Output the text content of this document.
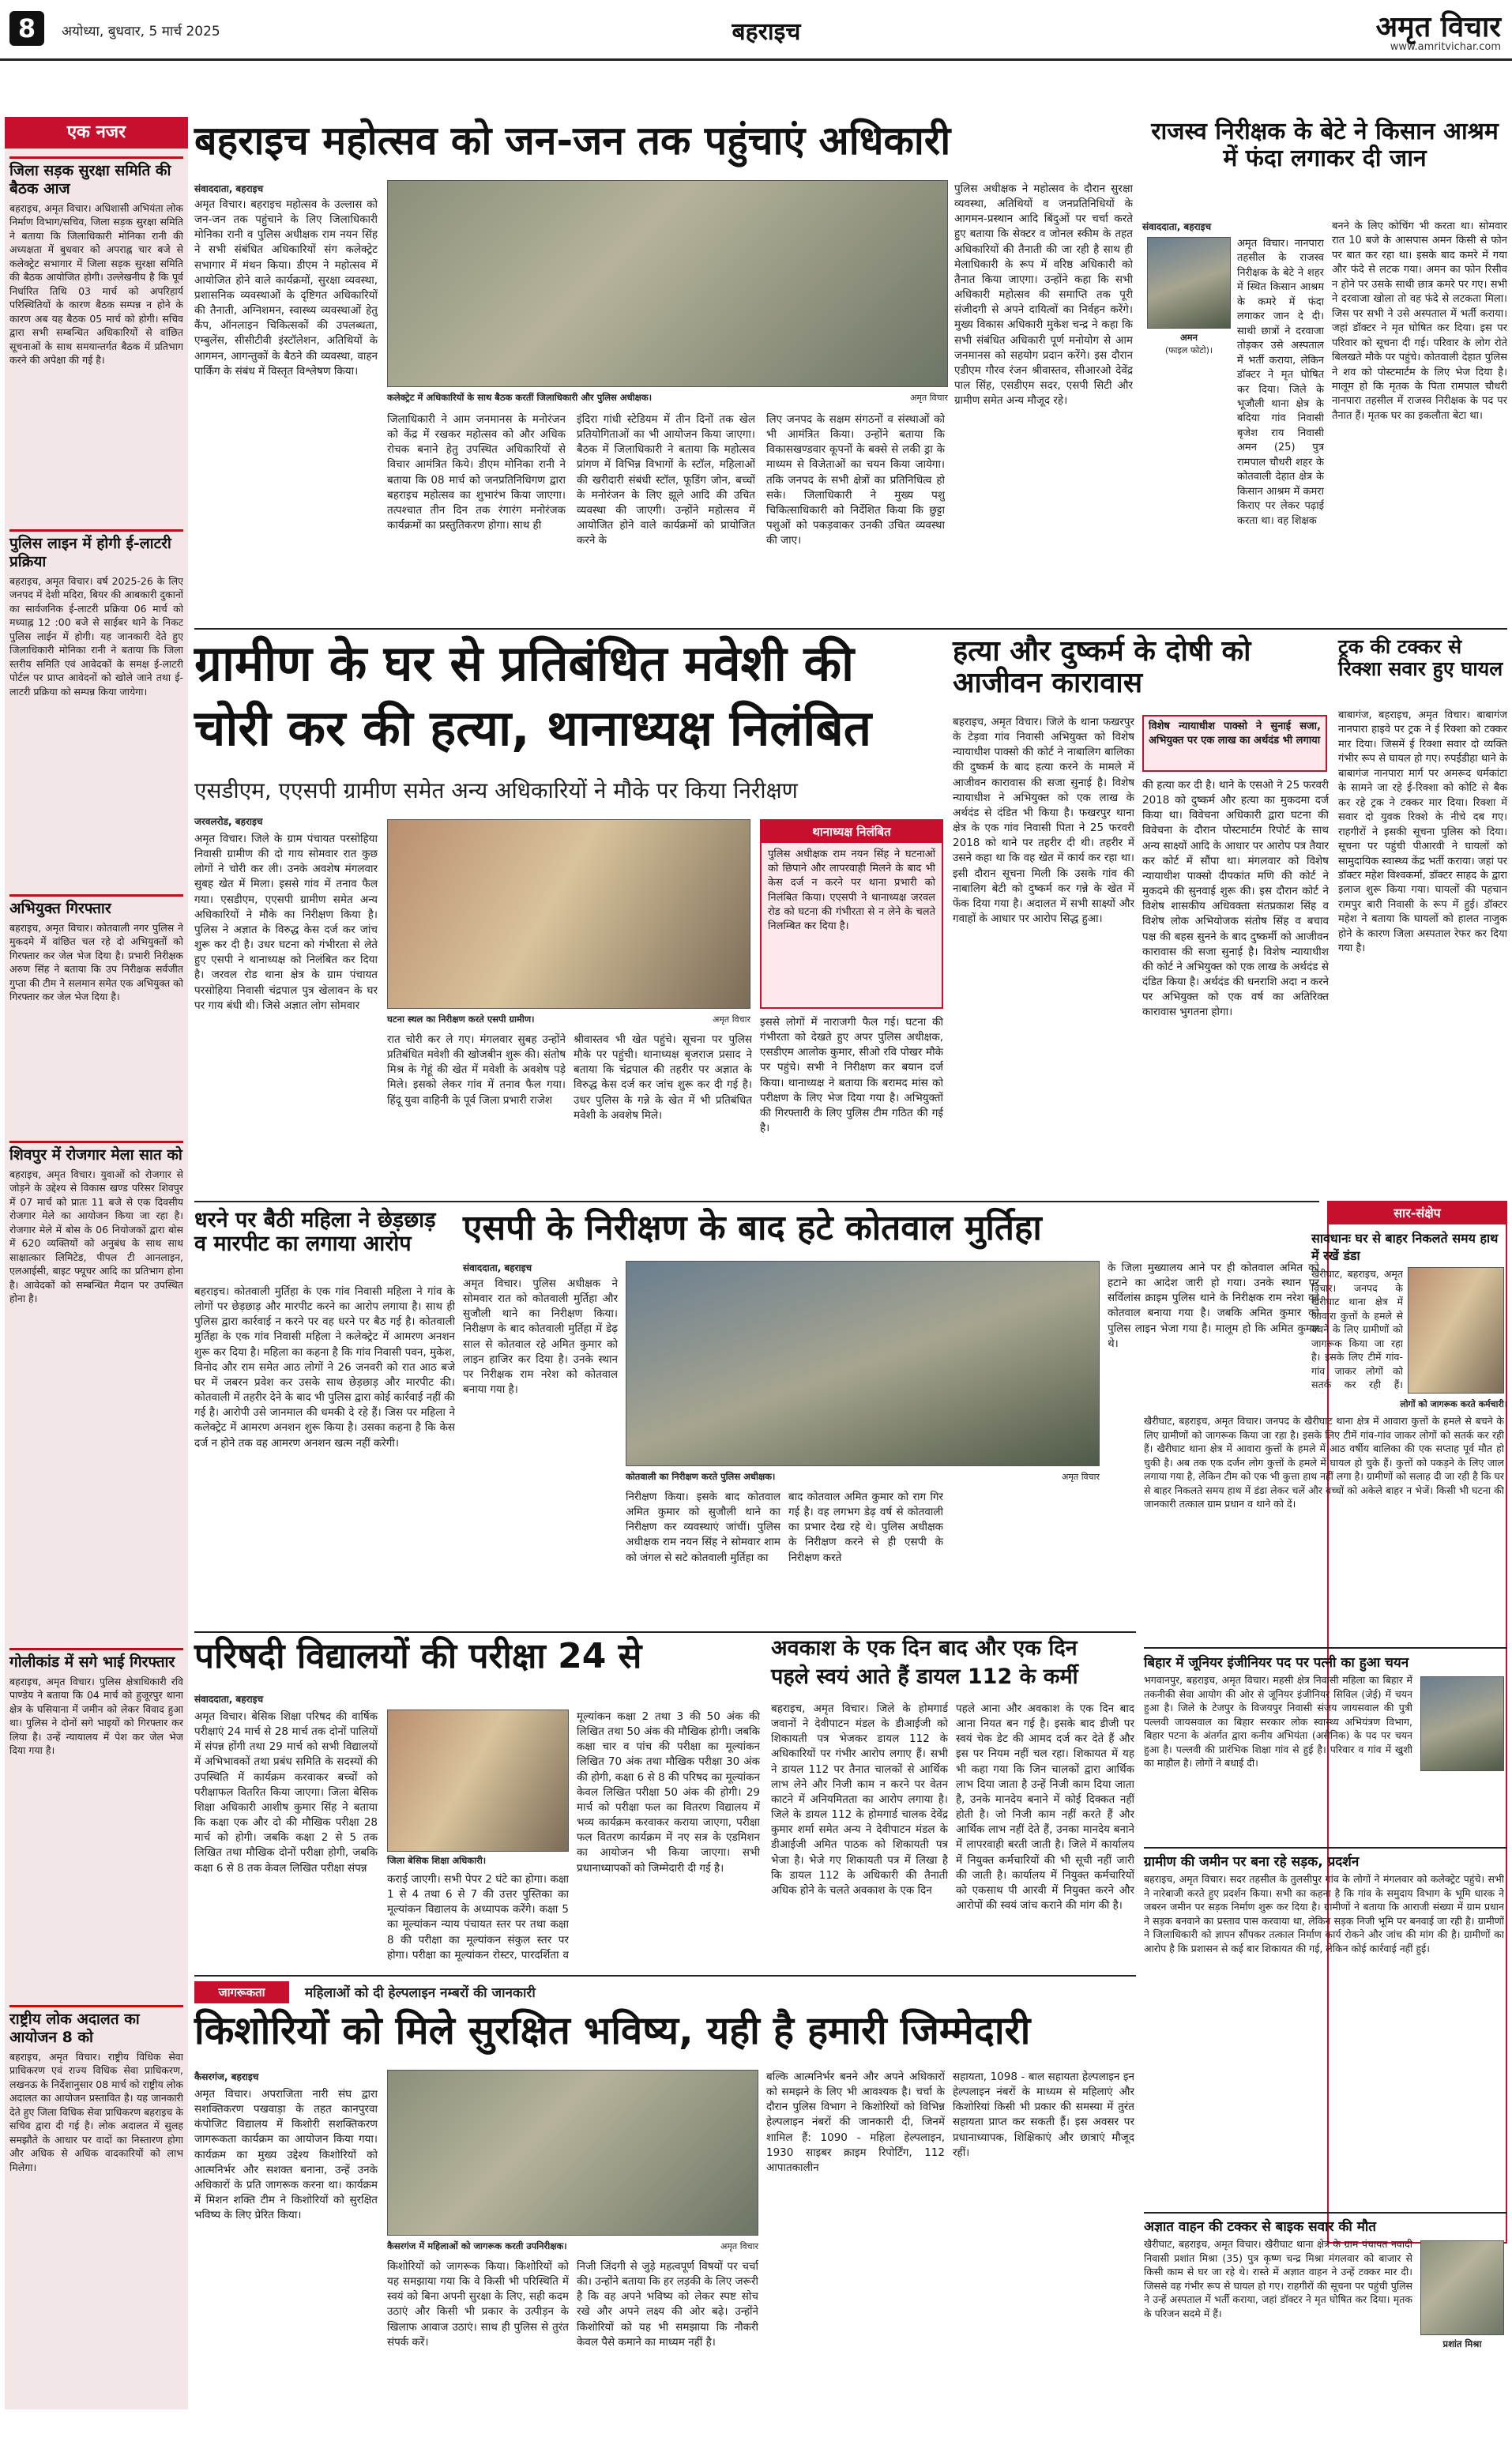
8	अयोध्या, बुधवार, 5 मार्च 2025	बहराइच	अमृत विचार
www.amritvichar.com
एक नजर
जिला सड़क सुरक्षा समिति की बैठक आज
बहराइच, अमृत विचार। अधिशासी अभियंता लोक निर्माण विभाग/सचिव, जिला सड़क सुरक्षा समिति ने बताया कि जिलाधिकारी मोनिका रानी की अध्यक्षता में बुधवार को अपराह्न चार बजे से कलेक्ट्रेट सभागार में जिला सड़क सुरक्षा समिति की बैठक आयोजित होगी। उल्लेखनीय है कि पूर्व निर्धारित तिथि 03 मार्च को अपरिहार्य परिस्थितियों के कारण बैठक सम्पन्न न होने के कारण अब यह बैठक 05 मार्च को होगी। सचिव द्वारा सभी सम्बन्धित अधिकारियों से वांछित सूचनाओं के साथ समयान्तर्गत बैठक में प्रतिभाग करने की अपेक्षा की गई है।
पुलिस लाइन में होगी ई-लाटरी प्रक्रिया
बहराइच, अमृत विचार। वर्ष 2025-26 के लिए जनपद में देशी मदिरा, बियर की आबकारी दुकानों का सार्वजनिक ई-लाटरी प्रक्रिया 06 मार्च को मध्याह्न 12 :00 बजे से साईबर थाने के निकट पुलिस लाईन में होगी। यह जानकारी देते हुए जिलाधिकारी मोनिका रानी ने बताया कि जिला स्तरीय समिति एवं आवेदकों के समक्ष ई-लाटरी पोर्टल पर प्राप्त आवेदनों को खोले जाने तथा ई-लाटरी प्रक्रिया को सम्पन्न किया जायेगा।
अभियुक्त गिरफ्तार
बहराइच, अमृत विचार। कोतवाली नगर पुलिस ने मुकदमे में वांछित चल रहे दो अभियुक्तों को गिरफ्तार कर जेल भेज दिया है। प्रभारी निरीक्षक अरुण सिंह ने बताया कि उप निरीक्षक सर्वजीत गुप्ता की टीम ने सलमान समेत एक अभियुक्त को गिरफ्तार कर जेल भेज दिया है।
शिवपुर में रोजगार मेला सात को
बहराइच, अमृत विचार। युवाओं को रोजगार से जोड़ने के उद्देश्य से विकास खण्ड परिसर शिवपुर में 07 मार्च को प्रातः 11 बजे से एक दिवसीय रोजगार मेले का आयोजन किया जा रहा है। रोजगार मेले में बोस के 06 नियोजकों द्वारा बोस में 620 व्यक्तियों को अनुबंध के साथ साथ साक्षात्कार लिमिटेड, पीपल टी आनलाइन, एलआईसी, बाइट फ्यूचर आदि का प्रतिभाग होना है। आवेदकों को सम्बन्धित मैदान पर उपस्थित होना है।
गोलीकांड में सगे भाई गिरफ्तार
बहराइच, अमृत विचार। पुलिस क्षेत्राधिकारी रवि पाण्डेय ने बताया कि 04 मार्च को हुजूरपुर थाना क्षेत्र के घसियाना में जमीन को लेकर विवाद हुआ था। पुलिस ने दोनों सगे भाइयों को गिरफ्तार कर लिया है। उन्हें न्यायालय में पेश कर जेल भेज दिया गया है।
राष्ट्रीय लोक अदालत का आयोजन 8 को
बहराइच, अमृत विचार। राष्ट्रीय विधिक सेवा प्राधिकरण एवं राज्य विधिक सेवा प्राधिकरण, लखनऊ के निर्देशानुसार 08 मार्च को राष्ट्रीय लोक अदालत का आयोजन प्रस्तावित है। यह जानकारी देते हुए जिला विधिक सेवा प्राधिकरण बहराइच के सचिव द्वारा दी गई है। लोक अदालत में सुलह समझौते के आधार पर वादों का निस्तारण होगा और अधिक से अधिक वादकारियों को लाभ मिलेगा।
बहराइच महोत्सव को जन-जन तक पहुंचाएं अधिकारी
संवाददाता, बहराइच
अमृत विचार। बहराइच महोत्सव के उल्लास को जन-जन तक पहुंचाने के लिए जिलाधिकारी मोनिका रानी व पुलिस अधीक्षक राम नयन सिंह ने सभी संबंधित अधिकारियों संग कलेक्ट्रेट सभागार में मंथन किया। डीएम ने महोत्सव में आयोजित होने वाले कार्यक्रमों, सुरक्षा व्यवस्था, प्रशासनिक व्यवस्थाओं के दृष्टिगत अधिकारियों की तैनाती, अग्निशमन, स्वास्थ्य व्यवस्थाओं हेतु कैंप, ऑनलाइन चिकित्सकों की उपलब्धता, एम्बुलेंस, सीसीटीवी इंस्टॉलेशन, अतिथियों के आगमन, आगन्तुकों के बैठने की व्यवस्था, वाहन पार्किंग के संबंध में विस्तृत विश्लेषण किया।
कलेक्ट्रेट में अधिकारियों के साथ बैठक करतीं जिलाधिकारी और पुलिस अधीक्षक।	अमृत विचार
जिलाधिकारी ने आम जनमानस के मनोरंजन को केंद्र में रखकर महोत्सव को और अधिक रोचक बनाने हेतु उपस्थित अधिकारियों से विचार आमंत्रित किये। डीएम मोनिका रानी ने बताया कि 08 मार्च को जनप्रतिनिधिगण द्वारा बहराइच महोत्सव का शुभारंभ किया जाएगा। तत्पश्चात तीन दिन तक रंगारंग मनोरंजक कार्यक्रमों का प्रस्तुतिकरण होगा। साथ ही
इंदिरा गांधी स्टेडियम में तीन दिनों तक खेल प्रतियोगिताओं का भी आयोजन किया जाएगा। बैठक में जिलाधिकारी ने बताया कि महोत्सव प्रांगण में विभिन्न विभागों के स्टॉल, महिलाओं की खरीदारी संबंधी स्टॉल, फूडिंग जोन, बच्चों के मनोरंजन के लिए झूले आदि की उचित व्यवस्था की जाएगी। उन्होंने महोत्सव में आयोजित होने वाले कार्यक्रमों को प्रायोजित करने के
लिए जनपद के सक्षम संगठनों व संस्थाओं को भी आमंत्रित किया। उन्होंने बताया कि विकासखण्डवार कूपनों के बक्से से लकी ड्रा के माध्यम से विजेताओं का चयन किया जायेगा। तकि जनपद के सभी क्षेत्रों का प्रतिनिधित्व हो सके। जिलाधिकारी ने मुख्य पशु चिकित्साधिकारी को निर्देशित किया कि छुट्टा पशुओं को पकड़वाकर उनकी उचित व्यवस्था की जाए।
पुलिस अधीक्षक ने महोत्सव के दौरान सुरक्षा व्यवस्था, अतिथियों व जनप्रतिनिधियों के आगमन-प्रस्थान आदि बिंदुओं पर चर्चा करते हुए बताया कि सेक्टर व जोनल स्कीम के तहत अधिकारियों की तैनाती की जा रही है साथ ही मेलाधिकारी के रूप में वरिष्ठ अधिकारी को तैनात किया जाएगा। उन्होंने कहा कि सभी अधिकारी महोत्सव की समाप्ति तक पूरी संजीदगी से अपने दायित्वों का निर्वहन करेंगे। मुख्य विकास अधिकारी मुकेश चन्द्र ने कहा कि सभी संबंधित अधिकारी पूर्ण मनोयोग से आम जनमानस को सहयोग प्रदान करेंगे। इस दौरान एडीएम गौरव रंजन श्रीवास्तव, सीआरओ देवेंद्र पाल सिंह, एसडीएम सदर, एसपी सिटी और ग्रामीण समेत अन्य मौजूद रहे।
राजस्व निरीक्षक के बेटे ने किसान आश्रम में फंदा लगाकर दी जान
संवाददाता, बहराइच
अमन
(फाइल फोटो)।
अमृत विचार। नानपारा तहसील के राजस्व निरीक्षक के बेटे ने शहर में स्थित किसान आश्रम के कमरे में फंदा लगाकर जान दे दी। साथी छात्रों ने दरवाजा तोड़कर उसे अस्पताल में भर्ती कराया, लेकिन डॉक्टर ने मृत घोषित कर दिया। जिले के भूजौली थाना क्षेत्र के बदिया गांव निवासी बृजेश राय निवासी अमन (25) पुत्र रामपाल चौधरी शहर के कोतवाली देहात क्षेत्र के किसान आश्रम में कमरा किराए पर लेकर पढ़ाई करता था। वह शिक्षक
बनने के लिए कोचिंग भी करता था। सोमवार रात 10 बजे के आसपास अमन किसी से फोन पर बात कर रहा था। इसके बाद कमरे में गया और फंदे से लटक गया। अमन का फोन रिसीव न होने पर उसके साथी छात्र कमरे पर गए। सभी ने दरवाजा खोला तो वह फंदे से लटकता मिला। जिस पर सभी ने उसे अस्पताल में भर्ती कराया। जहां डॉक्टर ने मृत घोषित कर दिया। इस पर परिवार को सूचना दी गई। परिवार के लोग रोते बिलखते मौके पर पहुंचे। कोतवाली देहात पुलिस ने शव को पोस्टमार्टम के लिए भेज दिया है। मालूम हो कि मृतक के पिता रामपाल चौधरी नानपारा तहसील में राजस्व निरीक्षक के पद पर तैनात हैं। मृतक घर का इकलौता बेटा था।
ग्रामीण के घर से प्रतिबंधित मवेशी की
चोरी कर की हत्या, थानाध्यक्ष निलंबित
एसडीएम, एएसपी ग्रामीण समेत अन्य अधिकारियों ने मौके पर किया निरीक्षण
जरवलरोड, बहराइच
अमृत विचार। जिले के ग्राम पंचायत परसोहिया निवासी ग्रामीण की दो गाय सोमवार रात कुछ लोगों ने चोरी कर ली। उनके अवशेष मंगलवार सुबह खेत में मिला। इससे गांव में तनाव फैल गया। एसडीएम, एएसपी ग्रामीण समेत अन्य अधिकारियों ने मौके का निरीक्षण किया है। पुलिस ने अज्ञात के विरुद्ध केस दर्ज कर जांच शुरू कर दी है। उधर घटना को गंभीरता से लेते हुए एसपी ने थानाध्यक्ष को निलंबित कर दिया है। जरवल रोड थाना क्षेत्र के ग्राम पंचायत परसोहिया निवासी चंद्रपाल पुत्र खेलावन के घर पर गाय बंधी थी। जिसे अज्ञात लोग सोमवार
घटना स्थल का निरीक्षण करते एसपी ग्रामीण।	अमृत विचार
रात चोरी कर ले गए। मंगलवार सुबह उन्होंने प्रतिबंधित मवेशी की खोजबीन शुरू की। संतोष मिश्र के गेहूं की खेत में मवेशी के अवशेष पड़े मिले। इसको लेकर गांव में तनाव फैल गया। हिंदू युवा वाहिनी के पूर्व जिला प्रभारी राजेश
श्रीवास्तव भी खेत पहुंचे। सूचना पर पुलिस मौके पर पहुंची। थानाध्यक्ष बृजराज प्रसाद ने बताया कि चंद्रपाल की तहरीर पर अज्ञात के विरुद्ध केस दर्ज कर जांच शुरू कर दी गई है। उधर पुलिस के गन्ने के खेत में भी प्रतिबंधित मवेशी के अवशेष मिले।
थानाध्यक्ष निलंबित
पुलिस अधीक्षक राम नयन सिंह ने घटनाओं को छिपाने और लापरवाही मिलने के बाद भी केस दर्ज न करने पर थाना प्रभारी को निलंबित किया। एएसपी ने थानाध्यक्ष जरवल रोड को घटना की गंभीरता से न लेने के चलते निलम्बित कर दिया है।
इससे लोगों में नाराजगी फैल गई। घटना की गंभीरता को देखते हुए अपर पुलिस अधीक्षक, एसडीएम आलोक कुमार, सीओ रवि पोखर मौके पर पहुंचे। सभी ने निरीक्षण कर बयान दर्ज किया। थानाध्यक्ष ने बताया कि बरामद मांस को परीक्षण के लिए भेज दिया गया है। अभियुक्तों की गिरफ्तारी के लिए पुलिस टीम गठित की गई है।
हत्या और दुष्कर्म के दोषी को आजीवन कारावास
विशेष न्यायाधीश पाक्सो ने सुनाई सजा, अभियुक्त पर एक लाख का अर्थदंड भी लगाया
बहराइच, अमृत विचार। जिले के थाना फखरपुर के टेड़वा गांव निवासी अभियुक्त को विशेष न्यायाधीश पाक्सो की कोर्ट ने नाबालिग बालिका की दुष्कर्म के बाद हत्या करने के मामले में आजीवन कारावास की सजा सुनाई है। विशेष न्यायाधीश ने अभियुक्त को एक लाख के अर्थदंड से दंडित भी किया है। फखरपुर थाना क्षेत्र के एक गांव निवासी पिता ने 25 फरवरी 2018 को थाने पर तहरीर दी थी। तहरीर में उसने कहा था कि वह खेत में कार्य कर रहा था। इसी दौरान सूचना मिली कि उसके गांव की नाबालिग बेटी को दुष्कर्म कर गन्ने के खेत में फेंक दिया गया है। अदालत में सभी साक्ष्यों और गवाहों के आधार पर आरोप सिद्ध हुआ।
की हत्या कर दी है। थाने के एसओ ने 25 फरवरी 2018 को दुष्कर्म और हत्या का मुकदमा दर्ज किया था। विवेचना अधिकारी द्वारा घटना की विवेचना के दौरान पोस्टमार्टम रिपोर्ट के साथ अन्य साक्ष्यों आदि के आधार पर आरोप पत्र तैयार कर कोर्ट में सौंपा था। मंगलवार को विशेष न्यायाधीश पाक्सो दीपकांत मणि की कोर्ट ने मुकदमे की सुनवाई शुरू की। इस दौरान कोर्ट ने विशेष शासकीय अधिवक्ता संतप्रकाश सिंह व विशेष लोक अभियोजक संतोष सिंह व बचाव पक्ष की बहस सुनने के बाद दुष्कर्मी को आजीवन कारावास की सजा सुनाई है। विशेष न्यायाधीश की कोर्ट ने अभियुक्त को एक लाख के अर्थदंड से दंडित किया है। अर्थदंड की धनराशि अदा न करने पर अभियुक्त को एक वर्ष का अतिरिक्त कारावास भुगतना होगा।
ट्रक की टक्कर से रिक्शा सवार हुए घायल
बाबागंज, बहराइच, अमृत विचार। बाबागंज नानपारा हाइवे पर ट्रक ने ई रिक्शा को टक्कर मार दिया। जिसमें ई रिक्शा सवार दो व्यक्ति गंभीर रूप से घायल हो गए। रुपईडीहा थाने के बाबागंज नानपारा मार्ग पर अमरूद धर्मकांटा के सामने जा रहे ई-रिक्शा को कोटि से बैक कर रहे ट्रक ने टक्कर मार दिया। रिक्शा में सवार दो युवक रिक्शे के नीचे दब गए। राहगीरों ने इसकी सूचना पुलिस को दिया। सूचना पर पहुंची पीआरवी ने घायलों को सामुदायिक स्वास्थ्य केंद्र भर्ती कराया। जहां पर डॉक्टर महेश विश्वकर्मा, डॉक्टर साहद के द्वारा इलाज शुरू किया गया। घायलों की पहचान रामपुर बारी निवासी के रूप में हुई। डॉक्टर महेश ने बताया कि घायलों को हालत नाजुक होने के कारण जिला अस्पताल रेफर कर दिया गया है।
धरने पर बैठी महिला ने छेड़छाड़ व मारपीट का लगाया आरोप
बहराइच। कोतवाली मुर्तिहा के एक गांव निवासी महिला ने गांव के लोगों पर छेड़छाड़ और मारपीट करने का आरोप लगाया है। साथ ही पुलिस द्वारा कार्रवाई न करने पर वह धरने पर बैठ गई है। कोतवाली मुर्तिहा के एक गांव निवासी महिला ने कलेक्ट्रेट में आमरण अनशन शुरू कर दिया है। महिला का कहना है कि गांव निवासी पवन, मुकेश, विनोद और राम समेत आठ लोगों ने 26 जनवरी को रात आठ बजे घर में जबरन प्रवेश कर उसके साथ छेड़छाड़ और मारपीट की। कोतवाली में तहरीर देने के बाद भी पुलिस द्वारा कोई कार्रवाई नहीं की गई है। आरोपी उसे जानमाल की धमकी दे रहे हैं। जिस पर महिला ने कलेक्ट्रेट में आमरण अनशन शुरू किया है। उसका कहना है कि केस दर्ज न होने तक वह आमरण अनशन खत्म नहीं करेगी।
एसपी के निरीक्षण के बाद हटे कोतवाल मुर्तिहा
संवाददाता, बहराइच
अमृत विचार। पुलिस अधीक्षक ने सोमवार रात को कोतवाली मुर्तिहा और सुजौली थाने का निरीक्षण किया। निरीक्षण के बाद कोतवाली मुर्तिहा में डेढ़ साल से कोतवाल रहे अमित कुमार को लाइन हाजिर कर दिया है। उनके स्थान पर निरीक्षक राम नरेश को कोतवाल बनाया गया है।
कोतवाली का निरीक्षण करते पुलिस अधीक्षक।	अमृत विचार
निरीक्षण किया। इसके बाद कोतवाल अमित कुमार को सुजौली थाने का निरीक्षण कर व्यवस्थाएं जांचीं। पुलिस अधीक्षक राम नयन सिंह ने सोमवार शाम को जंगल से सटे कोतवाली मुर्तिहा का
बाद कोतवाल अमित कुमार को राग गिर गई है। वह लगभग डेढ़ वर्ष से कोतवाली का प्रभार देख रहे थे। पुलिस अधीक्षक के निरीक्षण करने से ही एसपी के निरीक्षण करते
के जिला मुख्यालय आने पर ही कोतवाल अमित को हटाने का आदेश जारी हो गया। उनके स्थान पर सर्विलांस क्राइम पुलिस थाने के निरीक्षक राम नरेश को कोतवाल बनाया गया है। जबकि अमित कुमार को पुलिस लाइन भेजा गया है। मालूम हो कि अमित कुमार थे।
सार-संक्षेप
सावधानः घर से बाहर निकलते समय हाथ में रखें डंडा
लोगों को जागरूक करते कर्मचारी।
खैरीघाट, बहराइच, अमृत विचार। जनपद के खैरीघाट थाना क्षेत्र में आवारा कुत्तों के हमले से बचने के लिए ग्रामीणों को जागरूक किया जा रहा है। इसके लिए टीमें गांव-गांव जाकर लोगों को सतर्क कर रही हैं।
खैरीघाट, बहराइच, अमृत विचार। जनपद के खैरीघाट थाना क्षेत्र में आवारा कुत्तों के हमले से बचने के लिए ग्रामीणों को जागरूक किया जा रहा है। इसके लिए टीमें गांव-गांव जाकर लोगों को सतर्क कर रही हैं। खैरीघाट थाना क्षेत्र में आवारा कुत्तों के हमले में आठ वर्षीय बालिका की एक सप्ताह पूर्व मौत हो चुकी है। अब तक एक दर्जन लोग कुत्तों के हमले में घायल हो चुके हैं। कुत्तों को पकड़ने के लिए जाल लगाया गया है, लेकिन टीम को एक भी कुत्ता हाथ नहीं लगा है। ग्रामीणों को सलाह दी जा रही है कि घर से बाहर निकलते समय हाथ में डंडा लेकर चलें और बच्चों को अकेले बाहर न भेजें। किसी भी घटना की जानकारी तत्काल ग्राम प्रधान व थाने को दें।
बिहार में जूनियर इंजीनियर पद पर पत्नी का हुआ चयन
भगवानपुर, बहराइच, अमृत विचार। महसी क्षेत्र निवासी महिला का बिहार में तकनीकी सेवा आयोग की ओर से जूनियर इंजीनियर सिविल (जेई) में चयन हुआ है। जिले के टेजपुर के विजयपुर निवासी संजय जायसवाल की पुत्री पल्लवी जायसवाल का बिहार सरकार लोक स्वास्थ्य अभियंत्रण विभाग, बिहार पटना के अंतर्गत द्वारा कनीय अभियंता (असैनिक) के पद पर चयन हुआ है। पल्लवी की प्रारंभिक शिक्षा गांव से हुई है। परिवार व गांव में खुशी का माहौल है। लोगों ने बधाई दी।
ग्रामीण की जमीन पर बना रहे सड़क, प्रदर्शन
बहराइच, अमृत विचार। सदर तहसील के तुलसीपुर गांव के लोगों ने मंगलवार को कलेक्ट्रेट पहुंचे। सभी ने नारेबाजी करते हुए प्रदर्शन किया। सभी का कहना है कि गांव के समुदाय विभाग के भूमि धारक ने जबरन जमीन पर सड़क निर्माण शुरू कर दिया है। ग्रामीणों ने बताया कि आराजी संख्या में ग्राम प्रधान ने सड़क बनवाने का प्रस्ताव पास करवाया था, लेकिन सड़क निजी भूमि पर बनवाई जा रही है। ग्रामीणों ने जिलाधिकारी को ज्ञापन सौंपकर तत्काल निर्माण कार्य रोकने और जांच की मांग की है। ग्रामीणों का आरोप है कि प्रशासन से कई बार शिकायत की गई, लेकिन कोई कार्रवाई नहीं हुई।
अज्ञात वाहन की टक्कर से बाइक सवार की मौत
खैरीघाट, बहराइच, अमृत विचार। खैरीघाट थाना क्षेत्र के ग्राम पंचायत नवादी निवासी प्रशांत मिश्रा (35) पुत्र कृष्ण चन्द्र मिश्रा मंगलवार को बाजार से किसी काम से घर जा रहे थे। रास्ते में अज्ञात वाहन ने उन्हें टक्कर मार दी। जिससे वह गंभीर रूप से घायल हो गए। राहगीरों की सूचना पर पहुंची पुलिस ने उन्हें अस्पताल में भर्ती कराया, जहां डॉक्टर ने मृत घोषित कर दिया। मृतक के परिजन सदमे में हैं।
प्रशांत मिश्रा
परिषदी विद्यालयों की परीक्षा 24 से
संवाददाता, बहराइच
अमृत विचार। बेसिक शिक्षा परिषद की वार्षिक परीक्षाएं 24 मार्च से 28 मार्च तक दोनों पालियों में संपन्न होंगी तथा 29 मार्च को सभी विद्यालयों में अभिभावकों तथा प्रबंध समिति के सदस्यों की उपस्थिति में कार्यक्रम करवाकर बच्चों को परीक्षाफल वितरित किया जाएगा। जिला बेसिक शिक्षा अधिकारी आशीष कुमार सिंह ने बताया कि कक्षा एक और दो की मौखिक परीक्षा 28 मार्च को होगी। जबकि कक्षा 2 से 5 तक लिखित तथा मौखिक दोनों परीक्षा होगी, जबकि कक्षा 6 से 8 तक केवल लिखित परीक्षा संपन्न
जिला बेसिक शिक्षा अधिकारी।
कराई जाएगी। सभी पेपर 2 घंटे का होगा। कक्षा 1 से 4 तथा 6 से 7 की उत्तर पुस्तिका का मूल्यांकन विद्यालय के अध्यापक करेंगे। कक्षा 5 का मूल्यांकन न्याय पंचायत स्तर पर तथा कक्षा 8 की परीक्षा का मूल्यांकन संकुल स्तर पर होगा। परीक्षा का मूल्यांकन रोस्टर, पारदर्शिता व
मूल्यांकन कक्षा 2 तथा 3 की 50 अंक की लिखित तथा 50 अंक की मौखिक होगी। जबकि कक्षा चार व पांच की परीक्षा का मूल्यांकन लिखित 70 अंक तथा मौखिक परीक्षा 30 अंक की होगी, कक्षा 6 से 8 की परिषद का मूल्यांकन केवल लिखित परीक्षा 50 अंक की होगी। 29 मार्च को परीक्षा फल का वितरण विद्यालय में भव्य कार्यक्रम करवाकर कराया जाएगा, परीक्षा फल वितरण कार्यक्रम में नए सत्र के एडमिशन का आयोजन भी किया जाएगा। सभी प्रधानाध्यापकों को जिम्मेदारी दी गई है।
अवकाश के एक दिन बाद और एक दिन
पहले स्वयं आते हैं डायल 112 के कर्मी
बहराइच, अमृत विचार। जिले के होमगार्ड जवानों ने देवीपाटन मंडल के डीआईजी को शिकायती पत्र भेजकर डायल 112 के अधिकारियों पर गंभीर आरोप लगाए हैं। सभी ने डायल 112 पर तैनात चालकों से आर्थिक लाभ लेने और निजी काम न करने पर वेतन काटने में अनियमितता का आरोप लगाया है। जिले के डायल 112 के होमगार्ड चालक देवेंद्र कुमार शर्मा समेत अन्य ने देवीपाटन मंडल के डीआईजी अमित पाठक को शिकायती पत्र भेजा है। भेजे गए शिकायती पत्र में लिखा है कि डायल 112 के अधिकारी की तैनाती अधिक होने के चलते अवकाश के एक दिन
पहले आना और अवकाश के एक दिन बाद आना नियत बन गई है। इसके बाद डीजी पर स्वयं चेक डेट की आमद दर्ज कर देते हैं और इस पर नियम नहीं चल रहा। शिकायत में यह भी कहा गया कि जिन चालकों द्वारा आर्थिक लाभ दिया जाता है उन्हें निजी काम दिया जाता है, उनके मानदेय बनाने में कोई दिक्कत नहीं होती है। जो निजी काम नहीं करते हैं और आर्थिक लाभ नहीं देते हैं, उनका मानदेय बनाने में लापरवाही बरती जाती है। जिले में कार्यालय में नियुक्त कर्मचारियों की भी सूची नहीं जारी की जाती है। कार्यालय में नियुक्त कर्मचारियों को एकसाथ पी आरवी में नियुक्त करने और आरोपों की स्वयं जांच कराने की मांग की है।
जागरूकता	महिलाओं को दी हेल्पलाइन नम्बरों की जानकारी
किशोरियों को मिले सुरक्षित भविष्य, यही है हमारी जिम्मेदारी
कैसरगंज, बहराइच
अमृत विचार। अपराजिता नारी संघ द्वारा सशक्तिकरण पखवाड़ा के तहत कानपुरवा कंपोजिट विद्यालय में किशोरी सशक्तिकरण जागरूकता कार्यक्रम का आयोजन किया गया। कार्यक्रम का मुख्य उद्देश्य किशोरियों को आत्मनिर्भर और सशक्त बनाना, उन्हें उनके अधिकारों के प्रति जागरूक करना था। कार्यक्रम में मिशन शक्ति टीम ने किशोरियों को सुरक्षित भविष्य के लिए प्रेरित किया।
कैसरगंज में महिलाओं को जागरूक करती उपनिरीक्षक।	अमृत विचार
किशोरियों को जागरूक किया। किशोरियों को यह समझाया गया कि वे किसी भी परिस्थिति में स्वयं को बिना अपनी सुरक्षा के लिए, सही कदम उठाएं और किसी भी प्रकार के उत्पीड़न के खिलाफ आवाज उठाएं। साथ ही पुलिस से तुरंत संपर्क करें।
निजी जिंदगी से जुड़े महत्वपूर्ण विषयों पर चर्चा की। उन्होंने बताया कि हर लड़की के लिए जरूरी है कि वह अपने भविष्य को लेकर स्पष्ट सोच रखे और अपने लक्ष्य की ओर बढ़े। उन्होंने किशोरियों को यह भी समझाया कि नौकरी केवल पैसे कमाने का माध्यम नहीं है।
बल्कि आत्मनिर्भर बनने और अपने अधिकारों को समझने के लिए भी आवश्यक है। चर्चा के दौरान पुलिस विभाग ने किशोरियों को विभिन्न हेल्पलाइन नंबरों की जानकारी दी, जिनमें शामिल हैं: 1090 - महिला हेल्पलाइन, 1930 साइबर क्राइम रिपोर्टिंग, 112 आपातकालीन
सहायता, 1098 - बाल सहायता हेल्पलाइन इन हेल्पलाइन नंबरों के माध्यम से महिलाएं और किशोरियां किसी भी प्रकार की समस्या में तुरंत सहायता प्राप्त कर सकती हैं। इस अवसर पर प्रधानाध्यापक, शिक्षिकाएं और छात्राएं मौजूद रहीं।
